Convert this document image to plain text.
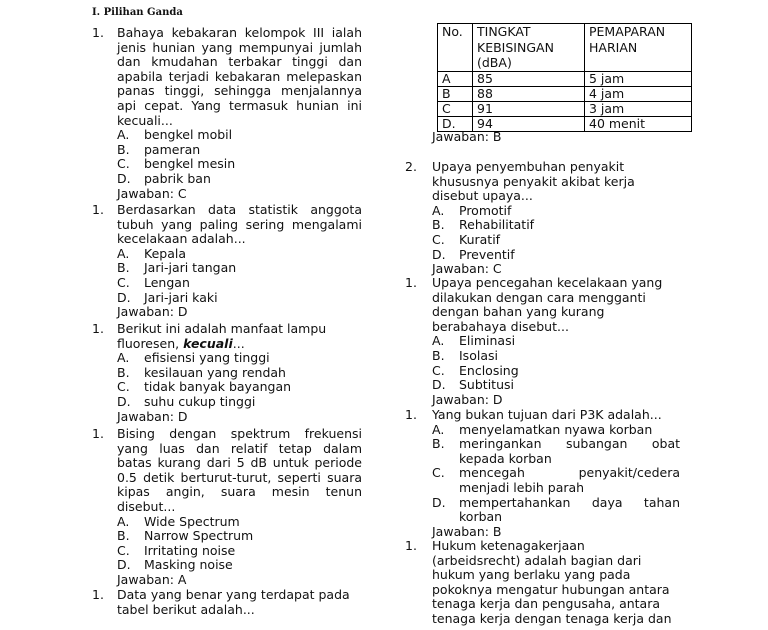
I. Pilihan Ganda
1. Bahaya kebakaran kelompok III ialah jenis hunian yang mempunyai jumlah dan kmudahan terbakar tinggi dan apabila terjadi kebakaran melepaskan panas tinggi, sehingga menjalannya api cepat. Yang termasuk hunian ini kecuali...
A. bengkel mobil
B. pameran
C. bengkel mesin
D. pabrik ban
Jawaban: C
1. Berdasarkan data statistik anggota tubuh yang paling sering mengalami kecelakaan adalah...
A. Kepala
B. Jari-jari tangan
C. Lengan
D. Jari-jari kaki
Jawaban: D
1. Berikut ini adalah manfaat lampu fluoresen, kecuali...
A. efisiensi yang tinggi
B. kesilauan yang rendah
C. tidak banyak bayangan
D. suhu cukup tinggi
Jawaban: D
1. Bising dengan spektrum frekuensi yang luas dan relatif tetap dalam batas kurang dari 5 dB untuk periode 0.5 detik berturut-turut, seperti suara kipas angin, suara mesin tenun disebut...
A. Wide Spectrum
B. Narrow Spectrum
C. Irritating noise
D. Masking noise
Jawaban: A
1. Data yang benar yang terdapat pada tabel berikut adalah...
No.	TINGKAT KEBISINGAN (dBA)	PEMAPARAN HARIAN
A	85	5 jam
B	88	4 jam
C	91	3 jam
D.	94	40 menit
Jawaban: B
2. Upaya penyembuhan penyakit khususnya penyakit akibat kerja disebut upaya...
A. Promotif
B. Rehabilitatif
C. Kuratif
D. Preventif
Jawaban: C
1. Upaya pencegahan kecelakaan yang dilakukan dengan cara mengganti dengan bahan yang kurang berabahaya disebut...
A. Eliminasi
B. Isolasi
C. Enclosing
D. Subtitusi
Jawaban: D
1. Yang bukan tujuan dari P3K adalah...
A. menyelamatkan nyawa korban
B. meringankan subangan obat kepada korban
C. mencegah penyakit/cedera menjadi lebih parah
D. mempertahankan daya tahan korban
Jawaban: B
1. Hukum ketenagakerjaan (arbeidsrecht) adalah bagian dari hukum yang berlaku yang pada pokoknya mengatur hubungan antara tenaga kerja dan pengusaha, antara tenaga kerja dengan tenaga kerja dan
